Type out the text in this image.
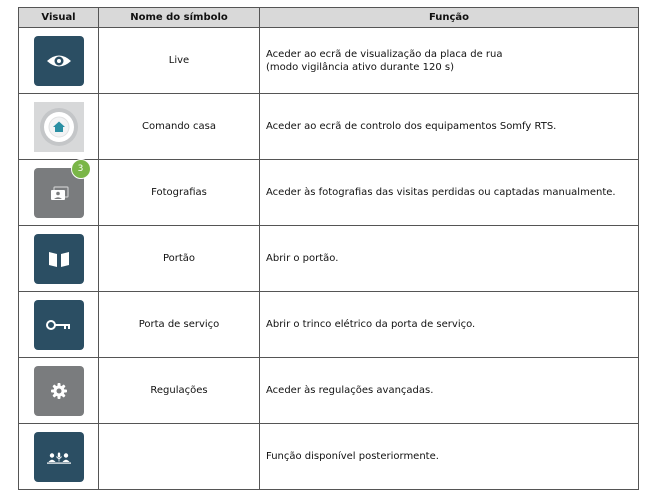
Visual	Nome do símbolo	Função

	Live	Aceder ao ecrã de visualização da placa de rua
(modo vigilância ativo durante 120 s)

	Comando casa	Aceder ao ecrã de controlo dos equipamentos Somfy RTS.

3	Fotografias	Aceder às fotografias das visitas perdidas ou captadas manualmente.

	Portão	Abrir o portão.

	Porta de serviço	Abrir o trinco elétrico da porta de serviço.

	Regulações	Aceder às regulações avançadas.

		Função disponível posteriormente.
